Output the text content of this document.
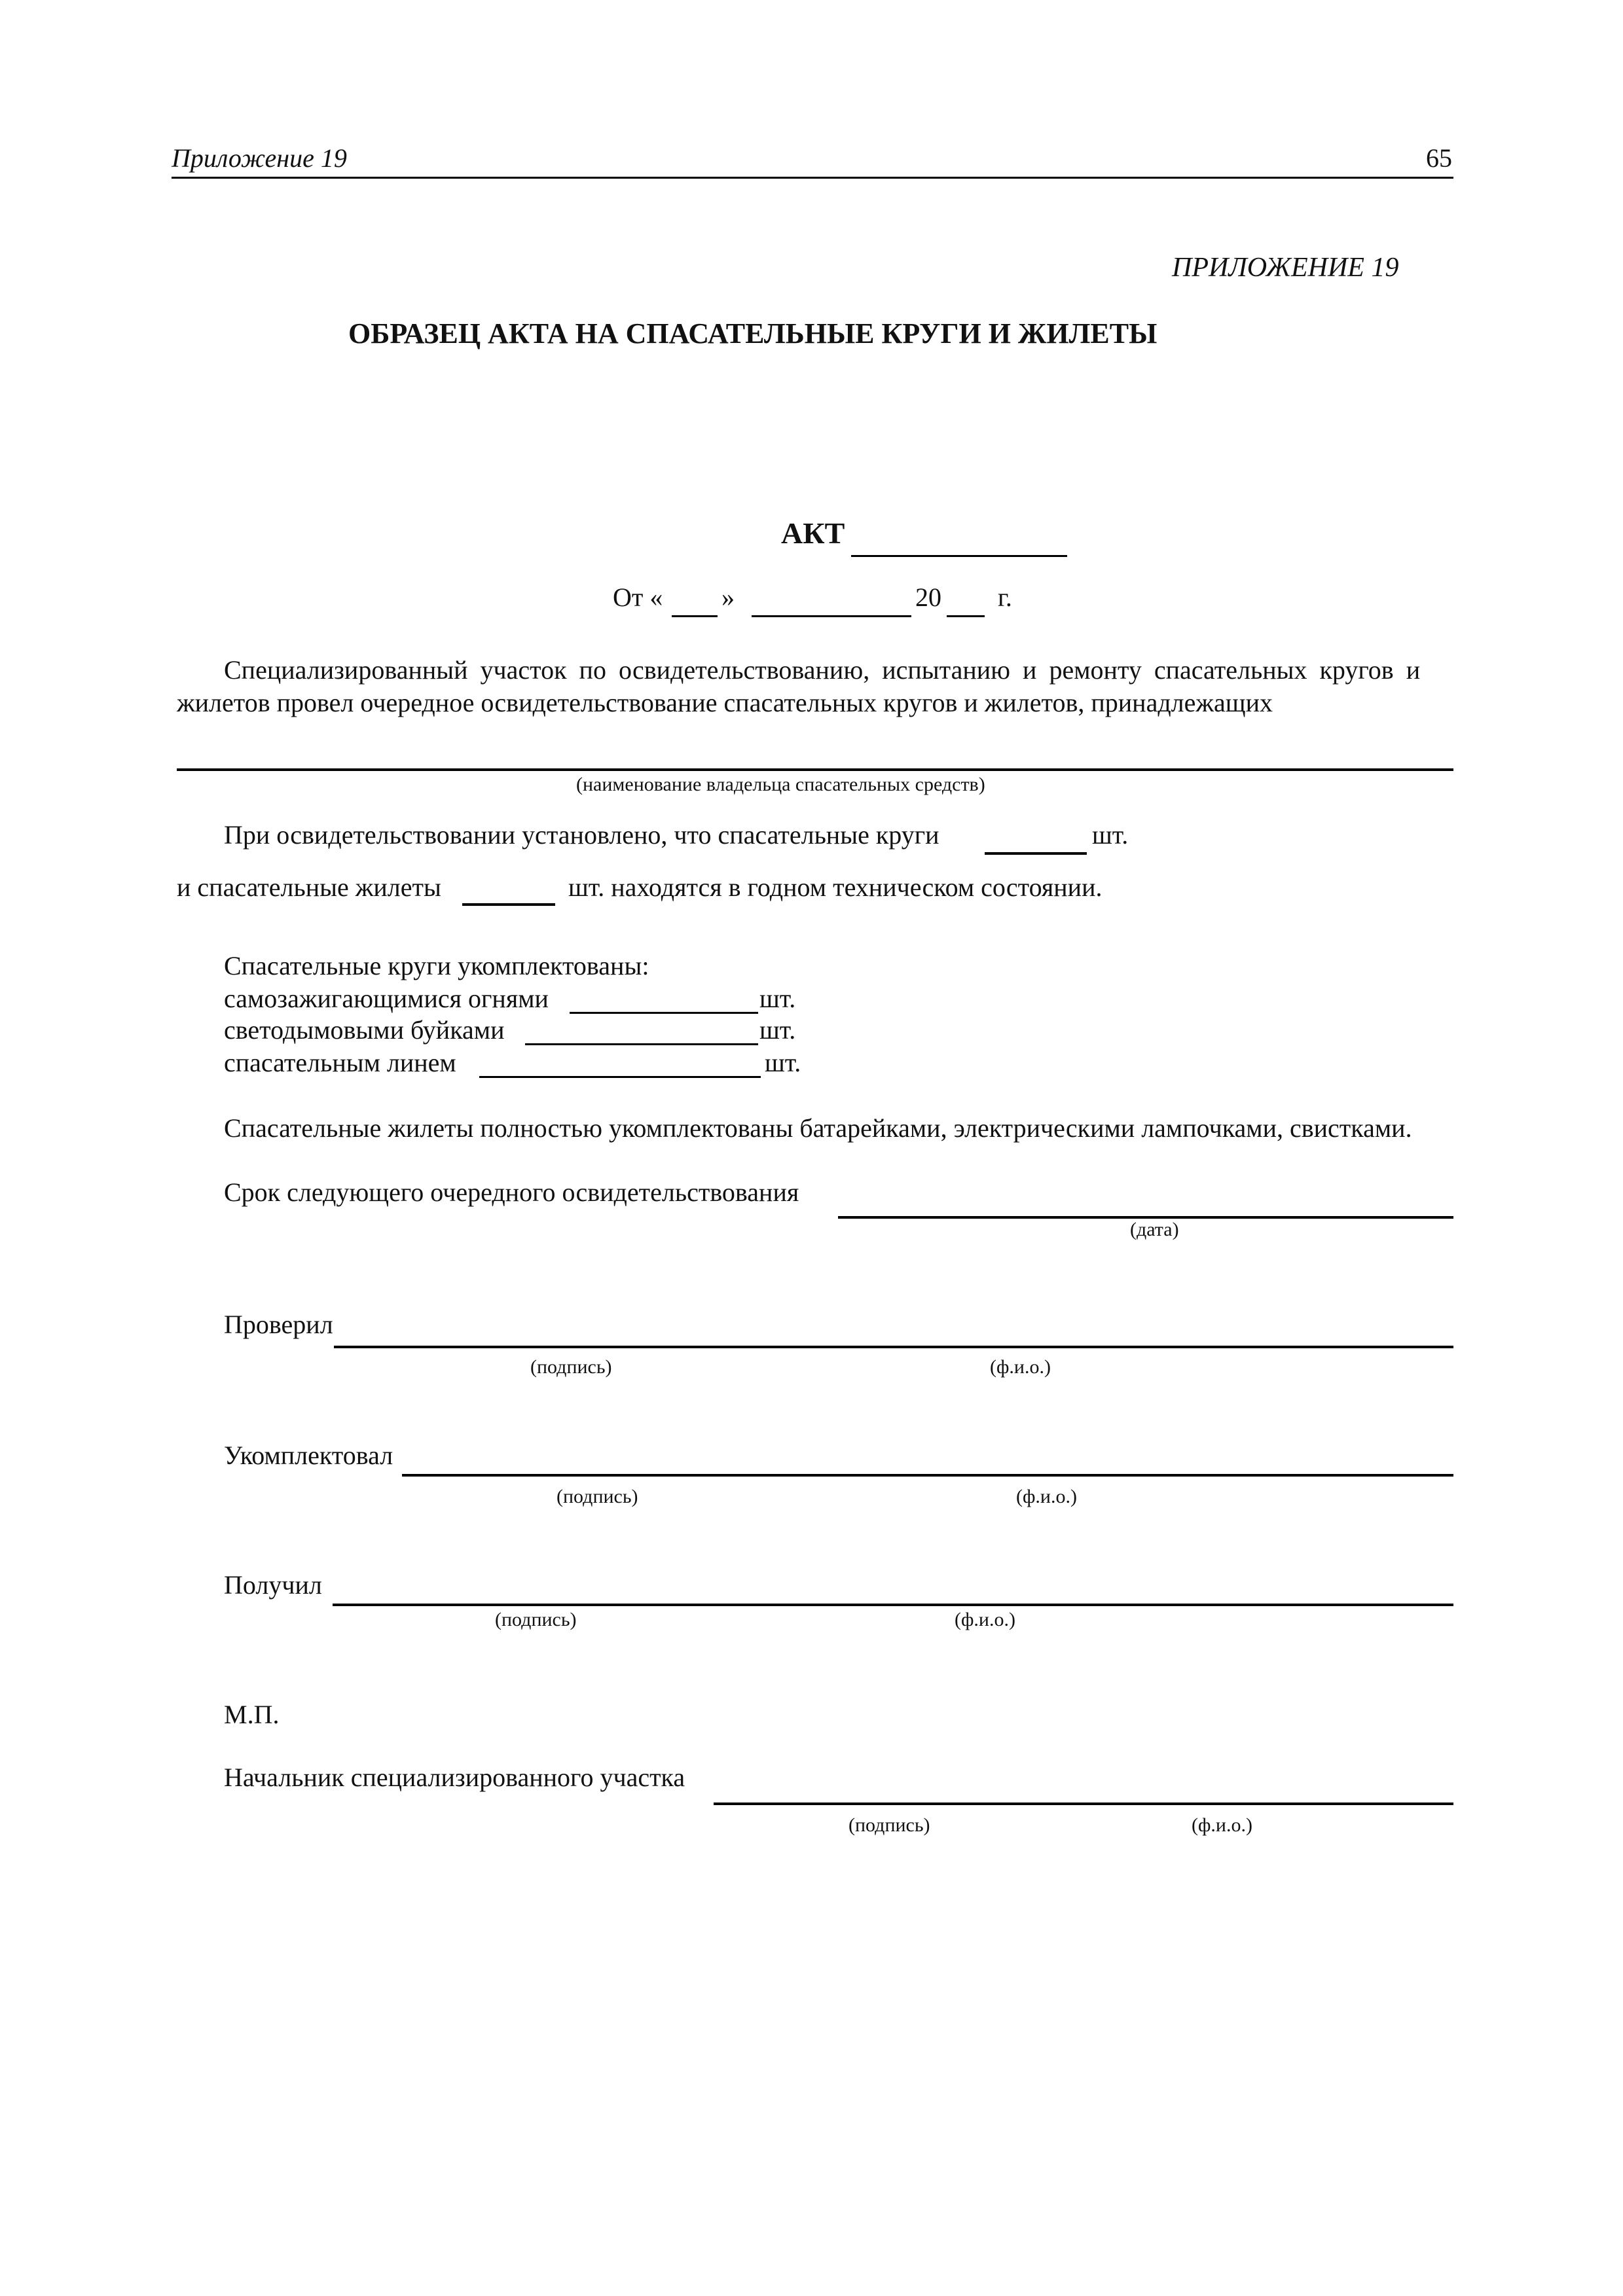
Приложение 19	65
ПРИЛОЖЕНИЕ 19
ОБРАЗЕЦ АКТА НА СПАСАТЕЛЬНЫЕ КРУГИ И ЖИЛЕТЫ
АКТ
От « »	20 г.
Специализированный участок по освидетельствованию, испытанию и ремонту спасательных кругов и
жилетов провел очередное освидетельствование спасательных кругов и жилетов, принадлежащих
(наименование владельца спасательных средств)
При освидетельствовании установлено, что спасательные круги	шт.
и спасательные жилеты	шт. находятся в годном техническом состоянии.
Спасательные круги укомплектованы:
самозажигающимися огнями	шт.
светодымовыми буйками	шт.
спасательным линем	шт.
Спасательные жилеты полностью укомплектованы батарейками, электрическими лампочками, свистками.
Срок следующего очередного освидетельствования
(дата)
Проверил
(подпись)	(ф.и.о.)
Укомплектовал
(подпись)	(ф.и.о.)
Получил
(подпись)	(ф.и.о.)
М.П.
Начальник специализированного участка
(подпись)	(ф.и.о.)
